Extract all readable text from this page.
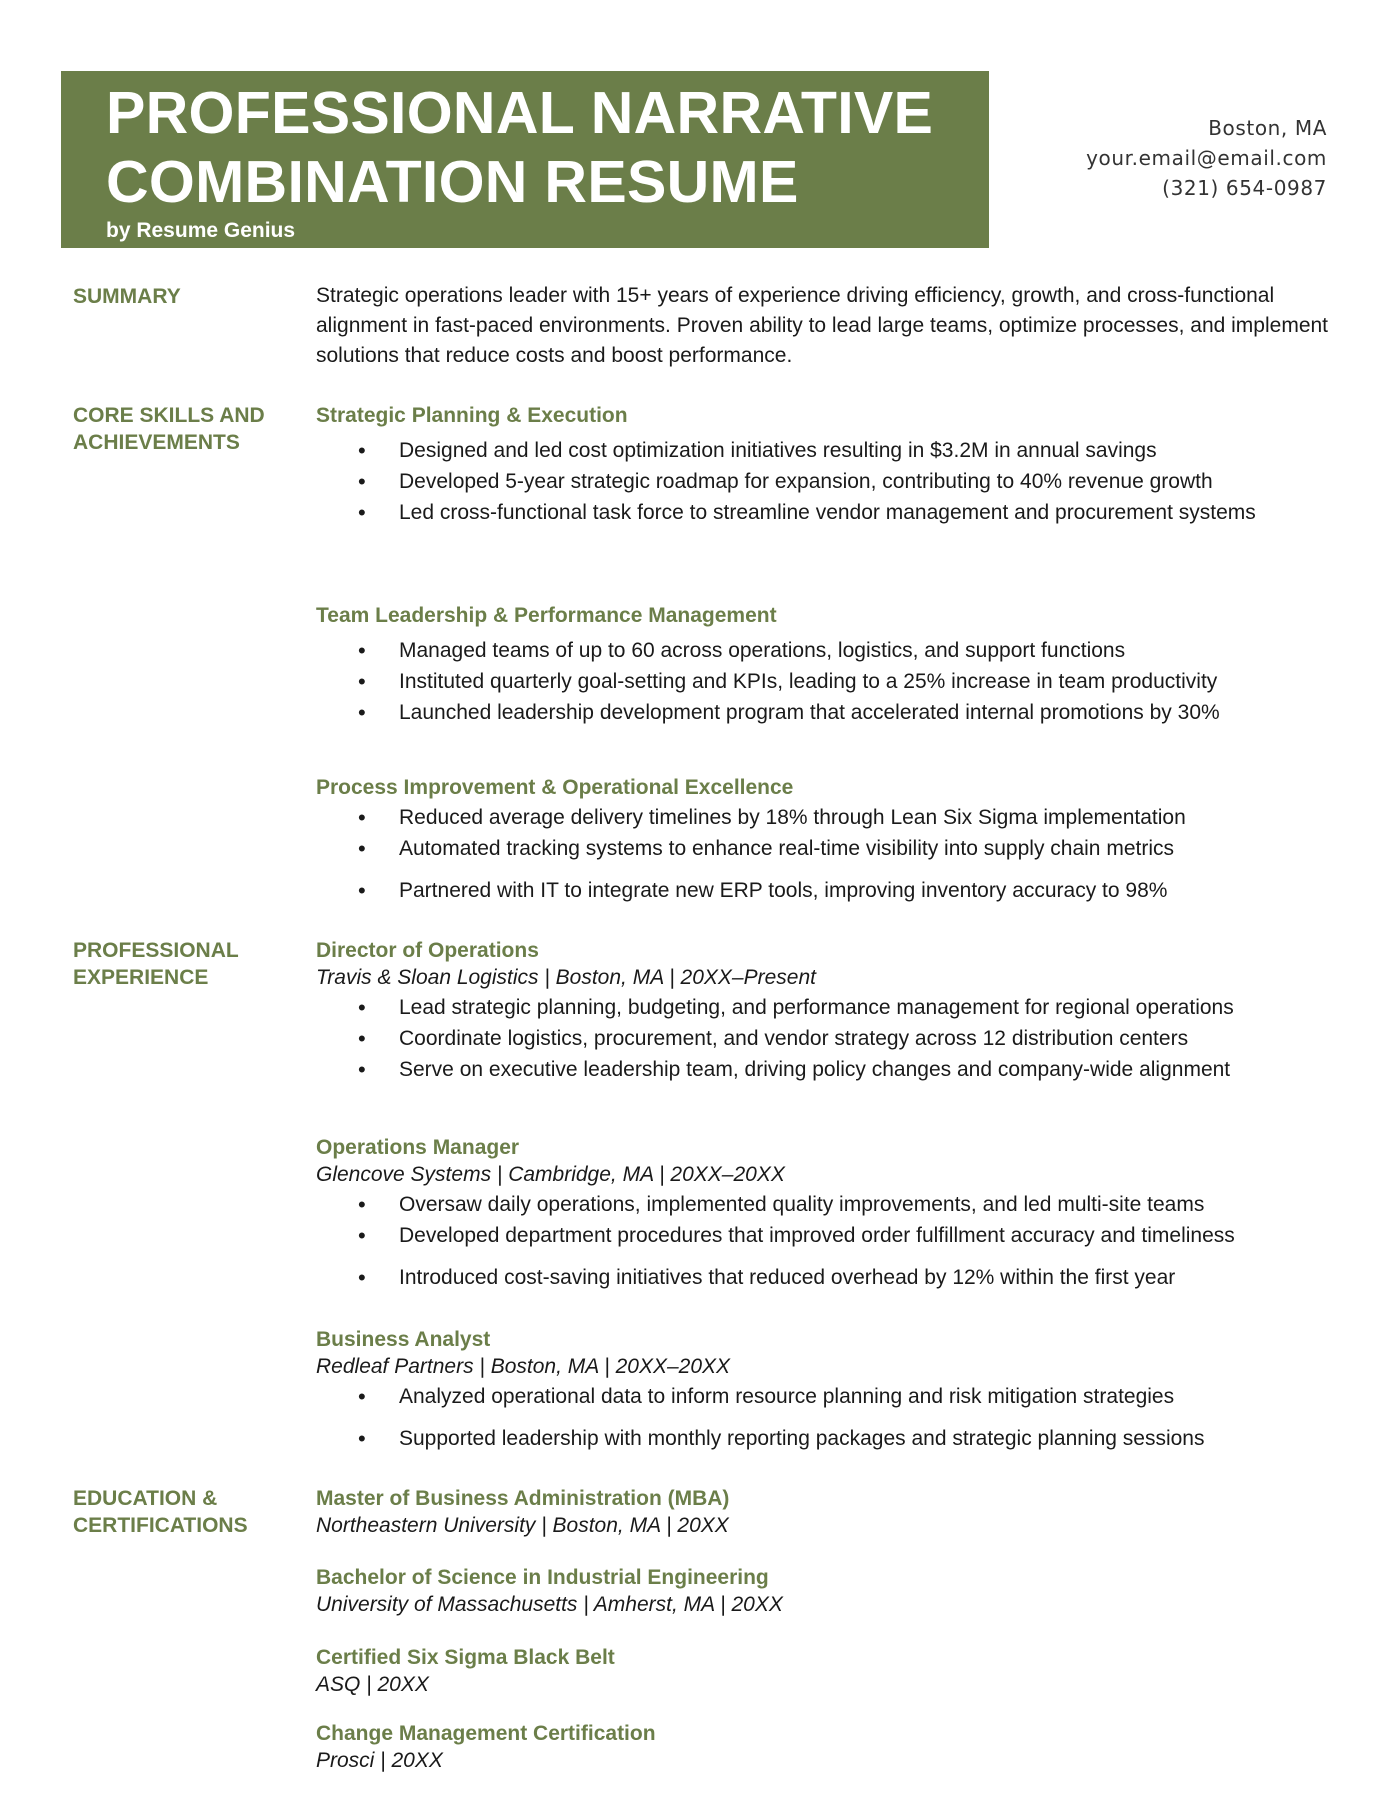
PROFESSIONAL NARRATIVE
COMBINATION RESUME
by Resume Genius
Boston, MA
your.email@email.com
(321) 654-0987
SUMMARY	Strategic operations leader with 15+ years of experience driving efficiency, growth, and cross-functional alignment in fast-paced environments. Proven ability to lead large teams, optimize processes, and implement solutions that reduce costs and boost performance.
CORE SKILLS AND
ACHIEVEMENTS
Strategic Planning & Execution
• Designed and led cost optimization initiatives resulting in $3.2M in annual savings
• Developed 5-year strategic roadmap for expansion, contributing to 40% revenue growth
• Led cross-functional task force to streamline vendor management and procurement systems
Team Leadership & Performance Management
• Managed teams of up to 60 across operations, logistics, and support functions
• Instituted quarterly goal-setting and KPIs, leading to a 25% increase in team productivity
• Launched leadership development program that accelerated internal promotions by 30%
Process Improvement & Operational Excellence
• Reduced average delivery timelines by 18% through Lean Six Sigma implementation
• Automated tracking systems to enhance real-time visibility into supply chain metrics
• Partnered with IT to integrate new ERP tools, improving inventory accuracy to 98%
PROFESSIONAL
EXPERIENCE
Director of Operations
Travis & Sloan Logistics | Boston, MA | 20XX–Present
• Lead strategic planning, budgeting, and performance management for regional operations
• Coordinate logistics, procurement, and vendor strategy across 12 distribution centers
• Serve on executive leadership team, driving policy changes and company-wide alignment
Operations Manager
Glencove Systems | Cambridge, MA | 20XX–20XX
• Oversaw daily operations, implemented quality improvements, and led multi-site teams
• Developed department procedures that improved order fulfillment accuracy and timeliness
• Introduced cost-saving initiatives that reduced overhead by 12% within the first year
Business Analyst
Redleaf Partners | Boston, MA | 20XX–20XX
• Analyzed operational data to inform resource planning and risk mitigation strategies
• Supported leadership with monthly reporting packages and strategic planning sessions
EDUCATION &
CERTIFICATIONS
Master of Business Administration (MBA)
Northeastern University | Boston, MA | 20XX
Bachelor of Science in Industrial Engineering
University of Massachusetts | Amherst, MA | 20XX
Certified Six Sigma Black Belt
ASQ | 20XX
Change Management Certification
Prosci | 20XX
